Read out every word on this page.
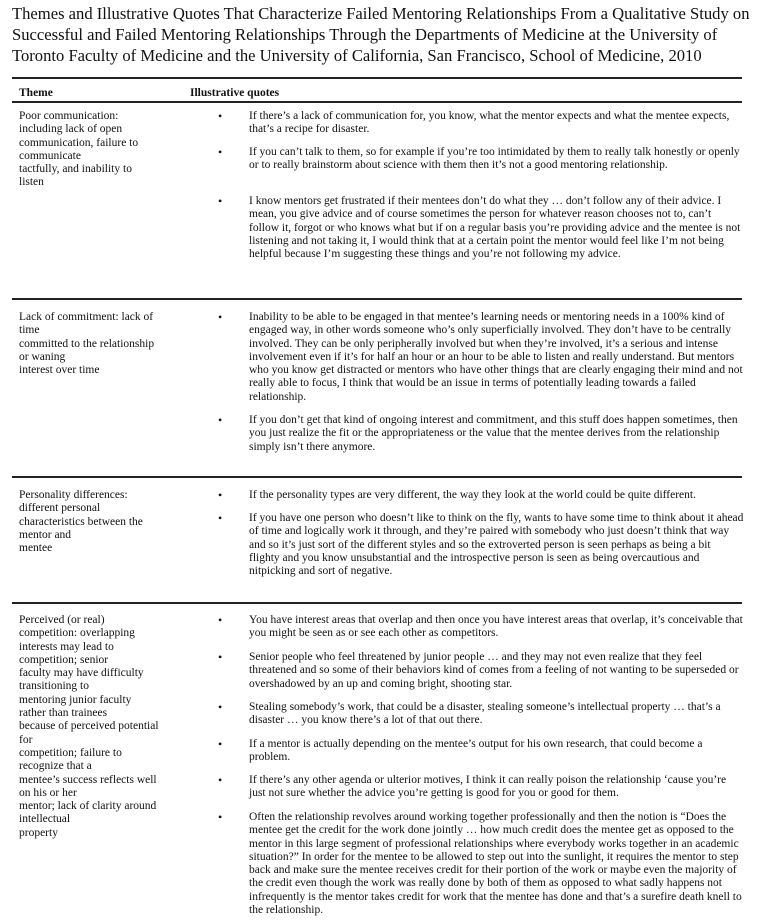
Themes and Illustrative Quotes That Characterize Failed Mentoring Relationships From a Qualitative Study on Successful and Failed Mentoring Relationships Through the Departments of Medicine at the University of Toronto Faculty of Medicine and the University of California, San Francisco, School of Medicine, 2010
Theme	Illustrative quotes
Poor communication:
including lack of open
communication, failure to
communicate
tactfully, and inability to
listen
• If there’s a lack of communication for, you know, what the mentor expects and what the mentee expects, that’s a recipe for disaster.
• If you can’t talk to them, so for example if you’re too intimidated by them to really talk honestly or openly or to really brainstorm about science with them then it’s not a good mentoring relationship.
• I know mentors get frustrated if their mentees don’t do what they … don’t follow any of their advice. I mean, you give advice and of course sometimes the person for whatever reason chooses not to, can’t follow it, forgot or who knows what but if on a regular basis you’re providing advice and the mentee is not listening and not taking it, I would think that at a certain point the mentor would feel like I’m not being helpful because I’m suggesting these things and you’re not following my advice.
Lack of commitment: lack of
time
committed to the relationship
or waning
interest over time
• Inability to be able to be engaged in that mentee’s learning needs or mentoring needs in a 100% kind of engaged way, in other words someone who’s only superficially involved. They don’t have to be centrally involved. They can be only peripherally involved but when they’re involved, it’s a serious and intense involvement even if it’s for half an hour or an hour to be able to listen and really understand. But mentors who you know get distracted or mentors who have other things that are clearly engaging their mind and not really able to focus, I think that would be an issue in terms of potentially leading towards a failed relationship.
• If you don’t get that kind of ongoing interest and commitment, and this stuff does happen sometimes, then you just realize the fit or the appropriateness or the value that the mentee derives from the relationship simply isn’t there anymore.
Personality differences:
different personal
characteristics between the
mentor and
mentee
• If the personality types are very different, the way they look at the world could be quite different.
• If you have one person who doesn’t like to think on the fly, wants to have some time to think about it ahead of time and logically work it through, and they’re paired with somebody who just doesn’t think that way and so it’s just sort of the different styles and so the extroverted person is seen perhaps as being a bit flighty and you know unsubstantial and the introspective person is seen as being overcautious and nitpicking and sort of negative.
Perceived (or real)
competition: overlapping
interests may lead to
competition; senior
faculty may have difficulty
transitioning to
mentoring junior faculty
rather than trainees
because of perceived potential
for
competition; failure to
recognize that a
mentee’s success reflects well
on his or her
mentor; lack of clarity around
intellectual
property
• You have interest areas that overlap and then once you have interest areas that overlap, it’s conceivable that you might be seen as or see each other as competitors.
• Senior people who feel threatened by junior people … and they may not even realize that they feel threatened and so some of their behaviors kind of comes from a feeling of not wanting to be superseded or overshadowed by an up and coming bright, shooting star.
• Stealing somebody’s work, that could be a disaster, stealing someone’s intellectual property … that’s a disaster … you know there’s a lot of that out there.
• If a mentor is actually depending on the mentee’s output for his own research, that could become a problem.
• If there’s any other agenda or ulterior motives, I think it can really poison the relationship ‘cause you’re just not sure whether the advice you’re getting is good for you or good for them.
• Often the relationship revolves around working together professionally and then the notion is “Does the mentee get the credit for the work done jointly … how much credit does the mentee get as opposed to the mentor in this large segment of professional relationships where everybody works together in an academic situation?” In order for the mentee to be allowed to step out into the sunlight, it requires the mentor to step back and make sure the mentee receives credit for their portion of the work or maybe even the majority of the credit even though the work was really done by both of them as opposed to what sadly happens not infrequently is the mentor takes credit for work that the mentee has done and that’s a surefire death knell to the relationship.
